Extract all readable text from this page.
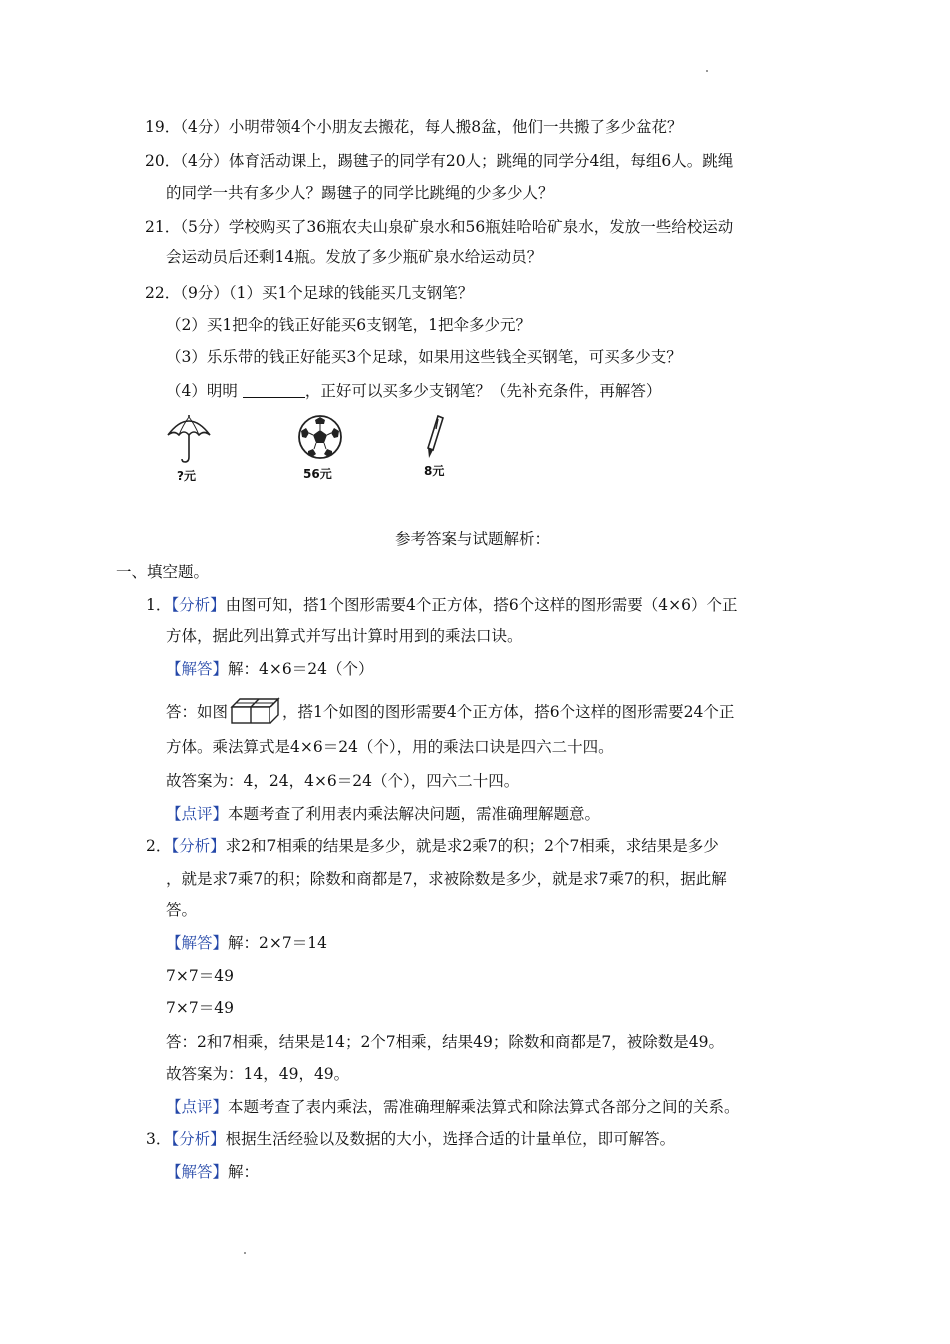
19．（4分）小明带领4个小朋友去搬花，每人搬8盆，他们一共搬了多少盆花？
20．（4分）体育活动课上，踢毽子的同学有20人；跳绳的同学分4组，每组6人。跳绳
的同学一共有多少人？踢毽子的同学比跳绳的少多少人？
21．（5分）学校购买了36瓶农夫山泉矿泉水和56瓶娃哈哈矿泉水，发放一些给校运动
会运动员后还剩14瓶。发放了多少瓶矿泉水给运动员？
22．（9分）（1）买1个足球的钱能买几支钢笔？
（2）买1把伞的钱正好能买6支钢笔，1把伞多少元？
（3）乐乐带的钱正好能买3个足球，如果用这些钱全买钢笔，可买多少支？
（4）明明	，正好可以买多少支钢笔？（先补充条件，再解答）
?元	56元	8元
参考答案与试题解析：
一、填空题。
1．【分析】由图可知，搭1个图形需要4个正方体，搭6个这样的图形需要（4×6）个正
方体，据此列出算式并写出计算时用到的乘法口诀。
【解答】解：4×6＝24（个）
答：如图	，搭1个如图的图形需要4个正方体，搭6个这样的图形需要24个正
方体。乘法算式是4×6＝24（个），用的乘法口诀是四六二十四。
故答案为：4，24，4×6＝24（个），四六二十四。
【点评】本题考查了利用表内乘法解决问题，需准确理解题意。
2．【分析】求2和7相乘的结果是多少，就是求2乘7的积；2个7相乘，求结果是多少
，就是求7乘7的积；除数和商都是7，求被除数是多少，就是求7乘7的积，据此解
答。
【解答】解：2×7＝14
7×7＝49
7×7＝49
答：2和7相乘，结果是14；2个7相乘，结果49；除数和商都是7，被除数是49。
故答案为：14，49，49。
【点评】本题考查了表内乘法，需准确理解乘法算式和除法算式各部分之间的关系。
3．【分析】根据生活经验以及数据的大小，选择合适的计量单位，即可解答。
【解答】解：
